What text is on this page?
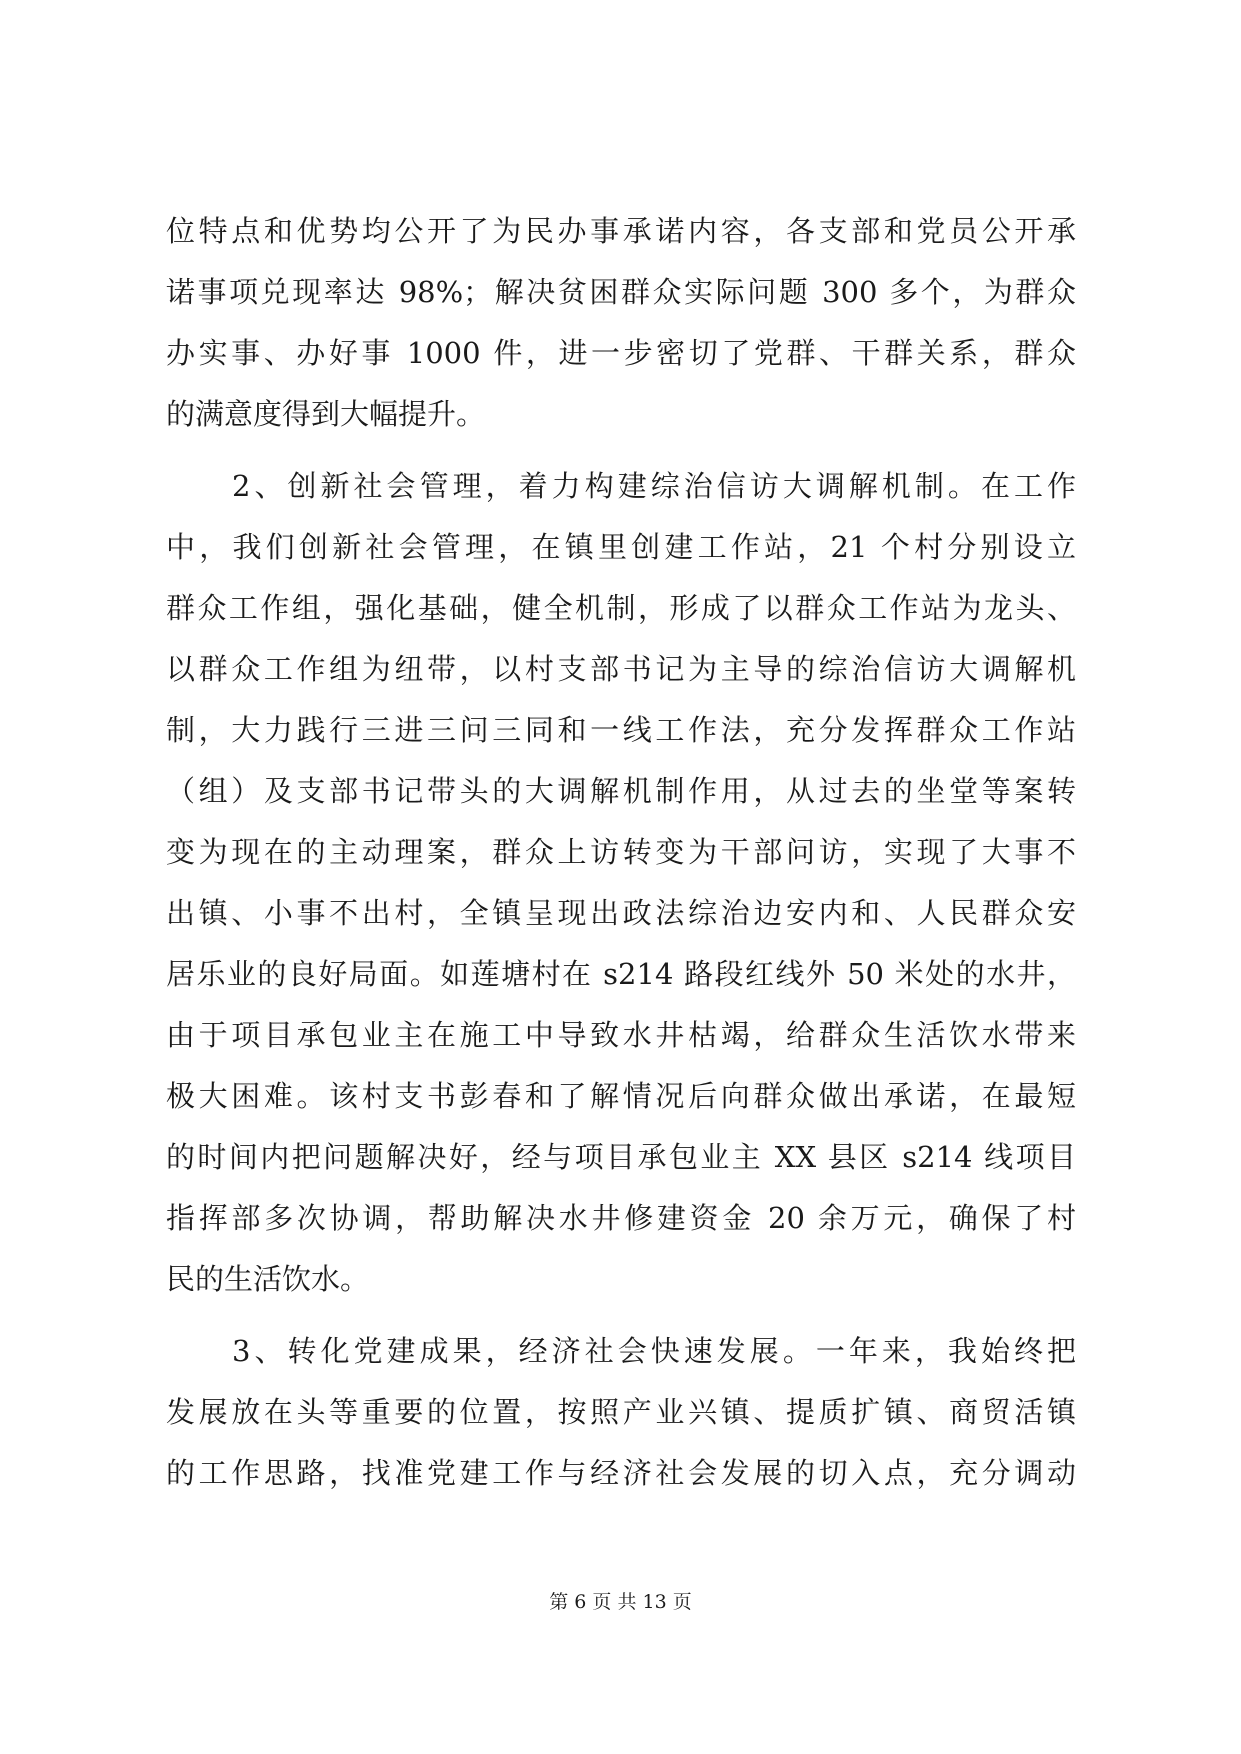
位特点和优势均公开了为民办事承诺内容，各支部和党员公开承
诺事项兑现率达 98%；解决贫困群众实际问题 300 多个，为群众
办实事、办好事 1000 件，进一步密切了党群、干群关系，群众
的满意度得到大幅提升。
2、创新社会管理，着力构建综治信访大调解机制。在工作
中，我们创新社会管理，在镇里创建工作站，21 个村分别设立
群众工作组，强化基础，健全机制，形成了以群众工作站为龙头、
以群众工作组为纽带，以村支部书记为主导的综治信访大调解机
制，大力践行三进三问三同和一线工作法，充分发挥群众工作站
（组）及支部书记带头的大调解机制作用，从过去的坐堂等案转
变为现在的主动理案，群众上访转变为干部问访，实现了大事不
出镇、小事不出村，全镇呈现出政法综治边安内和、人民群众安
居乐业的良好局面。如莲塘村在 s214 路段红线外 50 米处的水井，
由于项目承包业主在施工中导致水井枯竭，给群众生活饮水带来
极大困难。该村支书彭春和了解情况后向群众做出承诺，在最短
的时间内把问题解决好，经与项目承包业主 XX 县区 s214 线项目
指挥部多次协调，帮助解决水井修建资金 20 余万元，确保了村
民的生活饮水。
3、转化党建成果，经济社会快速发展。一年来，我始终把
发展放在头等重要的位置，按照产业兴镇、提质扩镇、商贸活镇
的工作思路，找准党建工作与经济社会发展的切入点，充分调动
第 6 页 共 13 页
